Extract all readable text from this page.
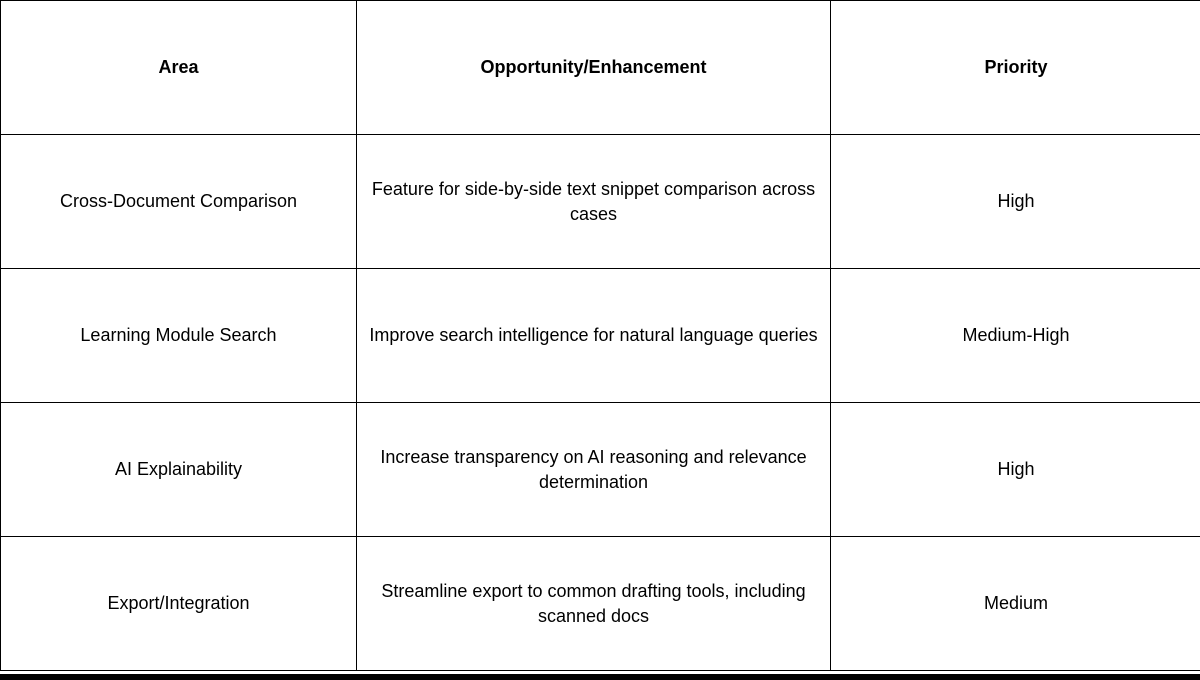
Area	Opportunity/Enhancement	Priority
Cross-Document Comparison	Feature for side-by-side text snippet comparison across cases	High
Learning Module Search	Improve search intelligence for natural language queries	Medium-High
AI Explainability	Increase transparency on AI reasoning and relevance determination	High
Export/Integration	Streamline export to common drafting tools, including scanned docs	Medium
